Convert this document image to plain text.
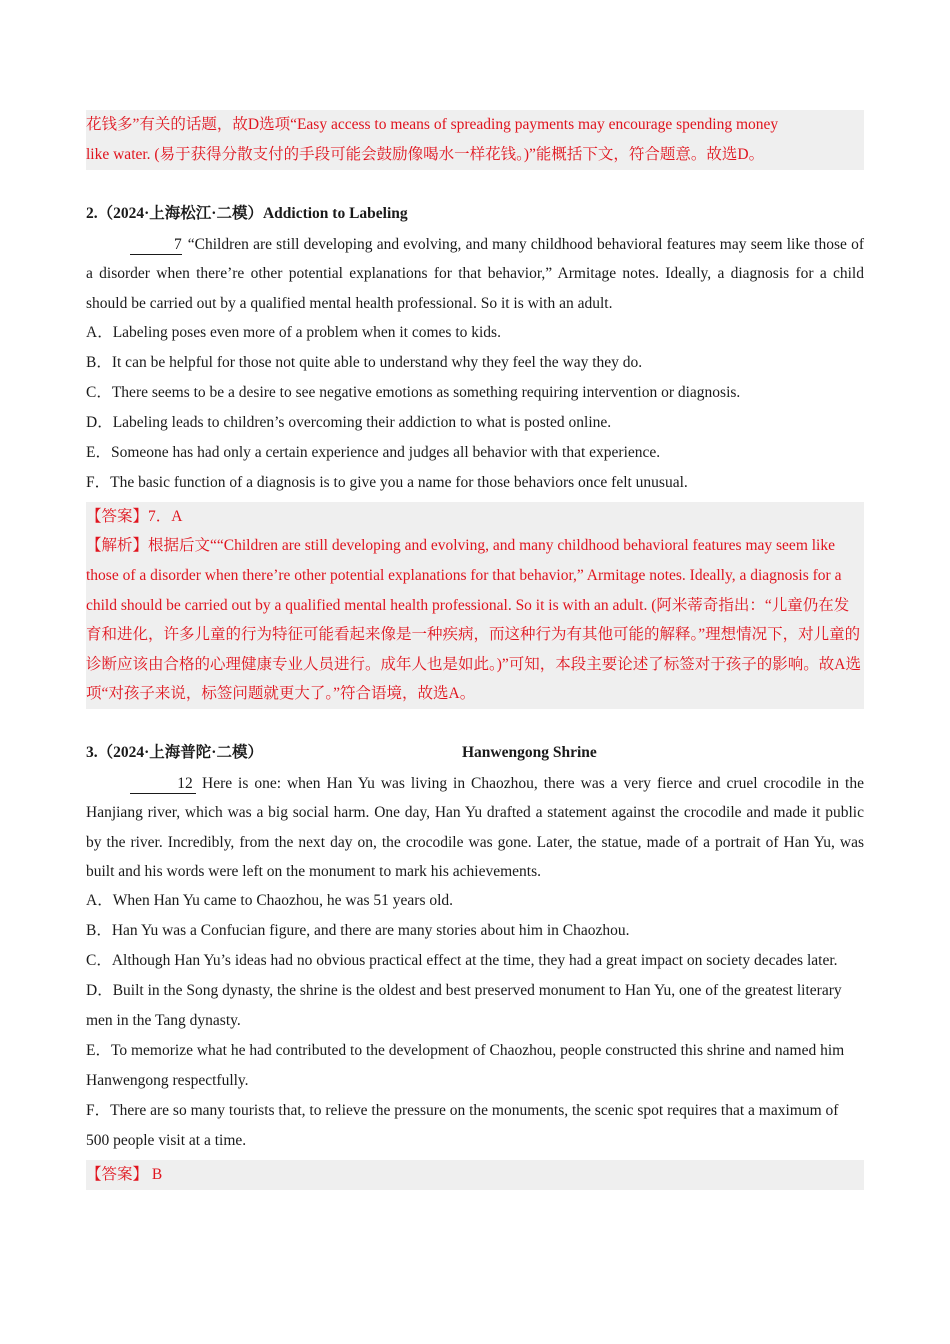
花钱多”有关的话题，故D选项“Easy access to means of spreading payments may encourage spending money
like water. (易于获得分散支付的手段可能会鼓励像喝水一样花钱。)”能概括下文，符合题意。故选D。
2.（2024·上海松江·二模）Addiction to Labeling

7 “Children are still developing and evolving, and many childhood behavioral features may seem like those of a disorder when there’re other potential explanations for that behavior,” Armitage notes. Ideally, a diagnosis for a child should be carried out by a qualified mental health professional. So it is with an adult.

A．Labeling poses even more of a problem when it comes to kids.
B．It can be helpful for those not quite able to understand why they feel the way they do.
C．There seems to be a desire to see negative emotions as something requiring intervention or diagnosis.
D．Labeling leads to children’s overcoming their addiction to what is posted online.
E．Someone has had only a certain experience and judges all behavior with that experience.
F．The basic function of a diagnosis is to give you a name for those behaviors once felt unusual.
【答案】7．A
【解析】根据后文““Children are still developing and evolving, and many childhood behavioral features may seem like those of a disorder when there’re other potential explanations for that behavior,” Armitage notes. Ideally, a diagnosis for a child should be carried out by a qualified mental health professional. So it is with an adult. (阿米蒂奇指出：“儿童仍在发育和进化，许多儿童的行为特征可能看起来像是一种疾病，而这种行为有其他可能的解释。”理想情况下，对儿童的诊断应该由合格的心理健康专业人员进行。成年人也是如此。)”可知，本段主要论述了标签对于孩子的影响。故A选项“对孩子来说，标签问题就更大了。”符合语境，故选A。
3.（2024·上海普陀·二模）	Hanwengong Shrine

12 Here is one: when Han Yu was living in Chaozhou, there was a very fierce and cruel crocodile in the Hanjiang river, which was a big social harm. One day, Han Yu drafted a statement against the crocodile and made it public by the river. Incredibly, from the next day on, the crocodile was gone. Later, the statue, made of a portrait of Han Yu, was built and his words were left on the monument to mark his achievements.

A．When Han Yu came to Chaozhou, he was 51 years old.
B．Han Yu was a Confucian figure, and there are many stories about him in Chaozhou.
C．Although Han Yu’s ideas had no obvious practical effect at the time, they had a great impact on society decades later.
D．Built in the Song dynasty, the shrine is the oldest and best preserved monument to Han Yu, one of the greatest literary men in the Tang dynasty.
E．To memorize what he had contributed to the development of Chaozhou, people constructed this shrine and named him Hanwengong respectfully.
F．There are so many tourists that, to relieve the pressure on the monuments, the scenic spot requires that a maximum of 500 people visit at a time.
【答案】 B
